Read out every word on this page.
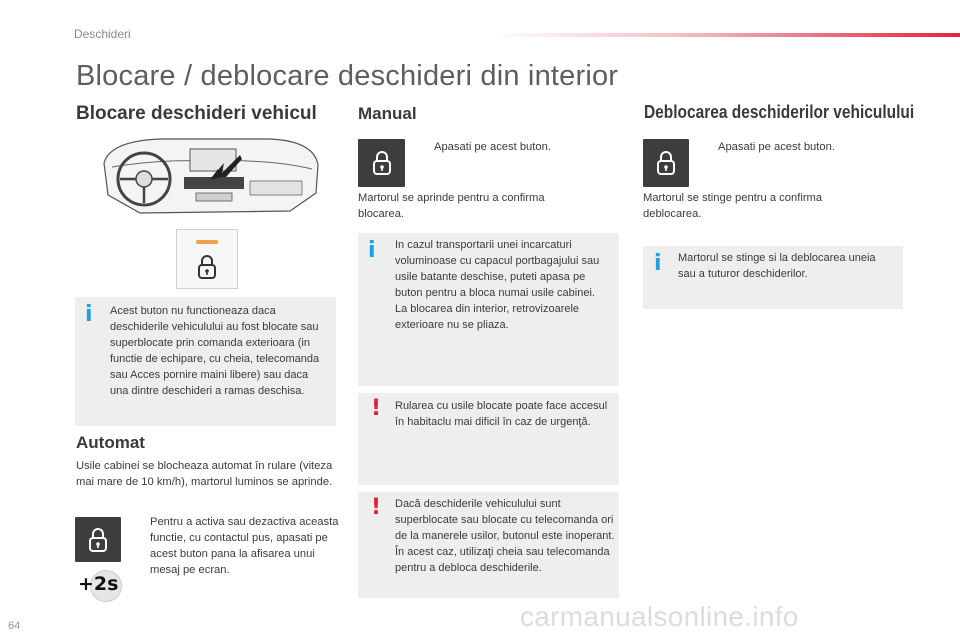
Deschideri
Blocare / deblocare deschideri din interior
Blocare deschideri vehicul
i Acest buton nu functioneaza daca deschiderile vehiculului au fost blocate sau superblocate prin comanda exterioara (in functie de echipare, cu cheia, telecomanda sau Acces pornire maini libere) sau daca una dintre deschideri a ramas deschisa.
Automat
Usile cabinei se blocheaza automat în rulare (viteza mai mare de 10 km/h), martorul luminos se aprinde.
Pentru a activa sau dezactiva aceasta functie, cu contactul pus, apasati pe acest buton pana la afisarea unui mesaj pe ecran.
+2s
Manual
Apasati pe acest buton.
Martorul se aprinde pentru a confirma blocarea.
i In cazul transportarii unei incarcaturi voluminoase cu capacul portbagajului sau usile batante deschise, puteti apasa pe buton pentru a bloca numai usile cabinei.
La blocarea din interior, retrovizoarele exterioare nu se pliaza.
! Rularea cu usile blocate poate face accesul în habitaclu mai dificil în caz de urgenţă.
! Dacă deschiderile vehiculului sunt superblocate sau blocate cu telecomanda ori de la manerele usilor, butonul este inoperant. În acest caz, utilizaţi cheia sau telecomanda pentru a debloca deschiderile.
Deblocarea deschiderilor vehiculului
Apasati pe acest buton.
Martorul se stinge pentru a confirma deblocarea.
i Martorul se stinge si la deblocarea uneia sau a tuturor deschiderilor.
64	carmanualsonline.info
